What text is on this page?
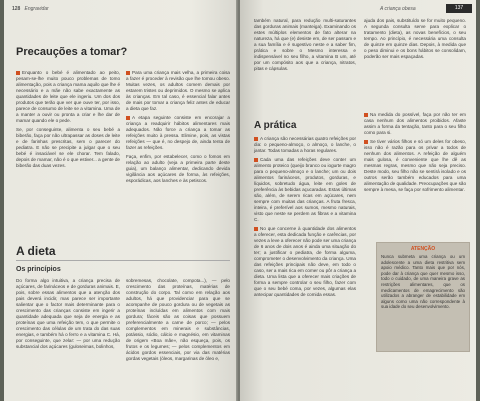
128 Engravidar
Precauções a tomar?

Enquanto o bebé é alimentado ao peito, pesam-se-lhe muito pouco problemas de tomo alimentação, pois a criança mama aquilo que lhe é necessário e a mãe não sabe exactamente as quantidades de leite que ele ingeriu. Um dos dos produtos que terão que ver que ouve ter, por isso, parece de consumo de leite se a vitamina. Uma de a manter a ouvir ou pronta a criar e lhe dar de mamar quando ele o pede.

Se, por conseguinte, alimenta o seu bebé a biberão, faça por não ultrapassar as doses de leite e de farinhas prescritas, sem o parecer do pediatra. E não se precipite a julgar que o seu bebé é insaciável se ele chorar. Tem falado, depois de mamar, não é o que estiver... a gente de biberão das duas vezes.

Para uma criança mais velha, a primeira coisa a fazer é proceder à revisão que lhe tomou obeso. Muitas vezes, os adultos comem demais por estarem tristes ou deprimidos. O mesmo se aplica às crianças. Em tal caso, é essencial falar antes de mais por tomar a criança feliz antes de educar a dieta que faz.

A etapa seguinte consiste em encorajar a criança a readquirir hábitos alimentares mais adequados. Não force a criança a tomar as refeições muito à pressa. Elimine, pois, as vistas refeições — que é, no despejo de, ainda tenta de fazer as refeições.

Faça, enfim, por estabelecer, como o fomos em relação ao adulto (veja a primeira parte deste guia), um balanço alimentar, dedicando devida vigilância aos açúcares de forma, às refeições, esporádicas, aos lanches e às petiscos.

A dieta
Os princípios
Do forma algo intuitiva, a criança precisa de açúcares, de farináceos e de gorduras animais. E, pois, sobre essas alimentos que a atenção dos pais deverá incidir, mas parece ser importante salientar que o factor mais determinante para o crescimento das crianças consiste em ingerir a quantidade adequada que seja de energia e as proteínas que uma refeição tem, o que permite o crescimento das células de um trata do das suas energias, e também há o ferro e a vitamina C. Há, por conseguinte, que zelar: — por uma redução substancial dos açúcares (guloseimas, bolinhos,
sobremesas, chocolate, compota...), — pelo crescimento das proteínas, matérias de construção do corpo. Tal como em relação aos adultos, há que providenciar para que se acompanhe de pouco gordura ou de vegetais as proteínas incluídas em alimentos com mais gordura; fáceis são as coisas que possuem preferencialmente a carne de porco; — pelos complementos em minerais e substâncias, potássio, sódio, cálcio e magnésio, em vitaminas de origem «Boa mãe», não esqueça, pois, os frutos e os legumes; — pelos complementos em ácidos gordos essenciais, por via das matérias gordas vegetais (óleos, margarinas de óleo e,
A criança obesa	137
também natural, para redução multi-saturantes das gorduras animais (manteiga). Examinando os estes múltiplos elementos de fato alterar na natureza, há que (e) desiste em, de ser passam e a sua família e é sugestivo neste e a saber fim, prática e sobre o Mesmo interessa e indispensável no seu filho, a vitamina B um, até por um compósito aos que a criança, nitratos, pitas e cápsulas.
A prática

A criança são necessárias quatro refeições por dia: o pequeno-almoço, o almoço, o lanche, o jantar. Todas tomadas a horas regulares.

Cada uma das refeições deve conter um alimento proteico (queijo branco ou iogurte magro para o pequeno-almoço e o lanche; um ou dois alimentos farináceos, produtos, gorduras, e líquidos, sobretudo água, leite em goles de preferência às bebidas açucaradas. Estas últimas são, além, de serem ricas em açúcares, nem sempre com muitas das crianças. A fruta fresca, inteira, é preferível aos sumos, mesmo naturais, visto que neste se perdem as fibras e a vitamina C.

No que concerne à quantidade dos alimentos a oferecer, esta dedicada função e carências, por vezes a leve a oferecer não pode ser uma criança de 6 anos de dois anos é ainda uma situação do ter; a justificar o pediatra, de forma alguma, comprometer o desenvolvimento da criança. Uma das refeições principais não deve, em todo o caso, ser a mais rica em comer ou pôr a criança a dieta. Uma lista que a oferecer mais criações de forma a sempre controlar o seu filho, fazer com que o seu bebé coma, por vezes, algumas elas antecipar quantidades de comida essas.

ajuda dos pais, substituído se for muito pequeno. A segunda consulta serve para explicar o tratamento (dieta), as novas benefícios, o seu tempo. Ao princípio, é necessária uma consulta de quinze em quinze dias. Depois, à medida que o peso diminui e os bons hábitos se consolidam, poderão ser mais espaçadas.

Na medida do possível, faça por não ter em casa nenhum dos alimentos proibidos. Afaste assim a forma da tentação, tanto para o seu filho como para si.

Se tiver vários filhos e só um deles for obeso, isso não é razão para os privar a todos de nenhum dos alimentos. A refeição de alguém mais gulosa, é conveniente que lhe dê as mesmas regras, mesmo que não seja preciso. Deste modo, seu filho não se sentirá isolado e os outros serão também educados para uma alimentação de qualidade. Preocupações que são sempre à mesa, se faça por sofrimento alimentar.

ATENÇÃO
Nunca submeta uma criança ou um adolescente a uma dieta restritiva sem apoio médico. Tanto mais que por nós, pode dar à criança que quer mesmo isso, todo o cuidado, de uma maneira grave as restrições alimentares, que os medicamentos de emagrecimento são utilizados a abranger de estabilidade em alguns como uma não correspondente à sua idade do seu desenvolvimento.
